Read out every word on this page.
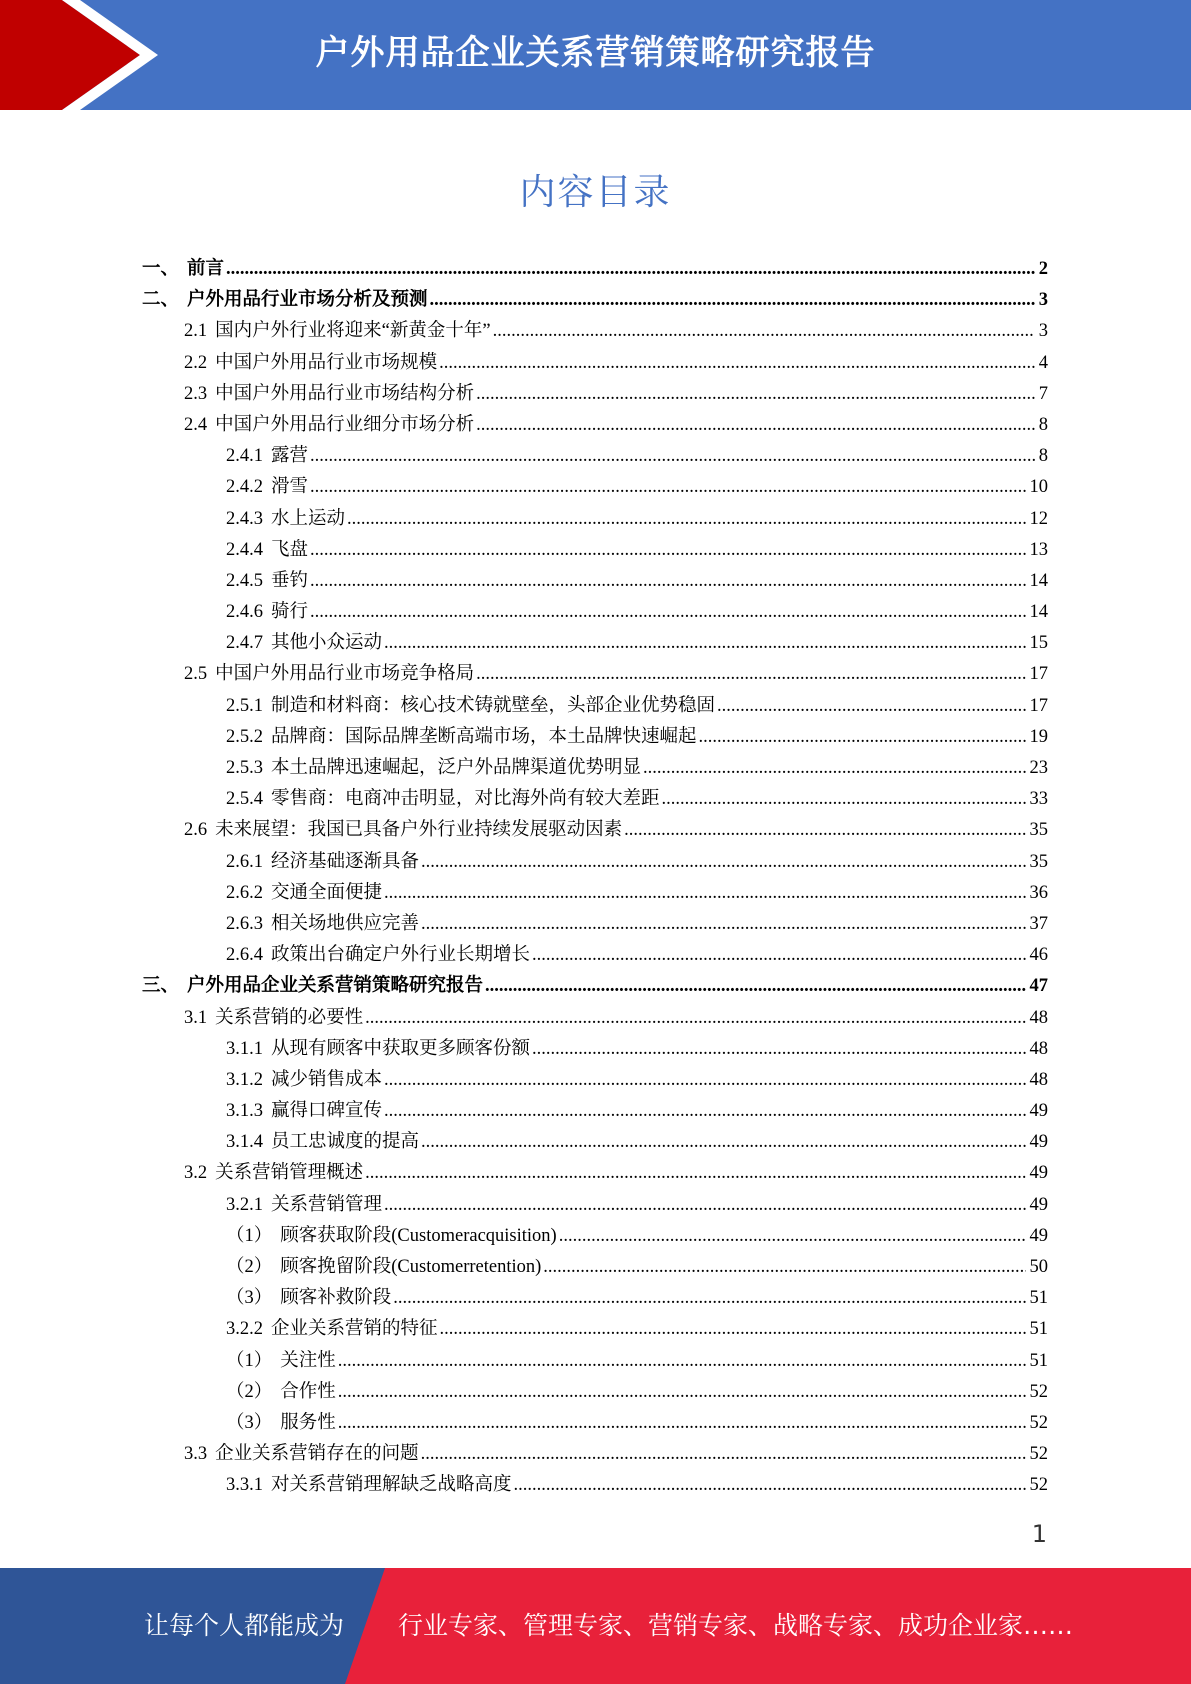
户外用品企业关系营销策略研究报告
内容目录
一、 前言 .....	2
二、 户外用品行业市场分析及预测 .....	3
2.1 国内户外行业将迎来“新黄金十年” .....	3
2.2 中国户外用品行业市场规模 .....	4
2.3 中国户外用品行业市场结构分析 .....	7
2.4 中国户外用品行业细分市场分析 .....	8
2.4.1 露营 .....	8
2.4.2 滑雪 .....	10
2.4.3 水上运动 .....	12
2.4.4 飞盘 .....	13
2.4.5 垂钓 .....	14
2.4.6 骑行 .....	14
2.4.7 其他小众运动 .....	15
2.5 中国户外用品行业市场竞争格局 .....	17
2.5.1 制造和材料商：核心技术铸就壁垒，头部企业优势稳固 .....	17
2.5.2 品牌商：国际品牌垄断高端市场，本土品牌快速崛起 .....	19
2.5.3 本土品牌迅速崛起，泛户外品牌渠道优势明显 .....	23
2.5.4 零售商：电商冲击明显，对比海外尚有较大差距 .....	33
2.6 未来展望：我国已具备户外行业持续发展驱动因素 .....	35
2.6.1 经济基础逐渐具备 .....	35
2.6.2 交通全面便捷 .....	36
2.6.3 相关场地供应完善 .....	37
2.6.4 政策出台确定户外行业长期增长 .....	46
三、 户外用品企业关系营销策略研究报告 .....	47
3.1 关系营销的必要性 .....	48
3.1.1 从现有顾客中获取更多顾客份额 .....	48
3.1.2 减少销售成本 .....	48
3.1.3 赢得口碑宣传 .....	49
3.1.4 员工忠诚度的提高 .....	49
3.2 关系营销管理概述 .....	49
3.2.1 关系营销管理 .....	49
（1） 顾客获取阶段(Customeracquisition) .....	49
（2） 顾客挽留阶段(Customerretention) .....	50
（3） 顾客补救阶段 .....	51
3.2.2 企业关系营销的特征 .....	51
（1） 关注性 .....	51
（2） 合作性 .....	52
（3） 服务性 .....	52
3.3 企业关系营销存在的问题 .....	52
3.3.1 对关系营销理解缺乏战略高度 .....	52
1
让每个人都能成为 行业专家、管理专家、营销专家、战略专家、成功企业家……
